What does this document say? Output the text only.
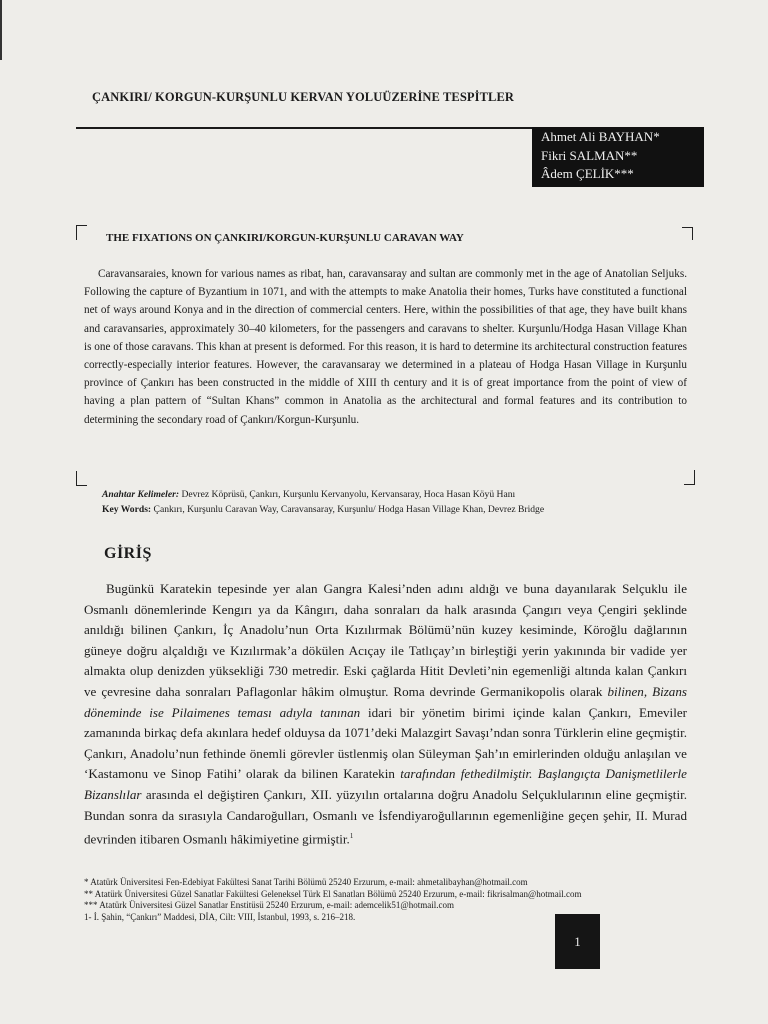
ÇANKIRI/ KORGUN-KURŞUNLU KERVAN YOLUÜZERİNE TESPİTLER
Ahmet Ali BAYHAN*
Fikri SALMAN**
Âdem ÇELİK***
THE FIXATIONS ON ÇANKIRI/KORGUN-KURŞUNLU CARAVAN WAY

Caravansaraies, known for various names as ribat, han, caravansaray and sultan are commonly met in the age of Anatolian Seljuks. Following the capture of Byzantium in 1071, and with the attempts to make Anatolia their homes, Turks have constituted a functional net of ways around Konya and in the direction of commercial centers. Here, within the possibilities of that age, they have built khans and caravansaries, approximately 30–40 kilometers, for the passengers and caravans to shelter. Kurşunlu/Hodga Hasan Village Khan is one of those caravans. This khan at present is deformed. For this reason, it is hard to determine its architectural construction features correctly-especially interior features. However, the caravansaray we determined in a plateau of Hodga Hasan Village in Kurşunlu province of Çankırı has been constructed in the middle of XIII th century and it is of great importance from the point of view of having a plan pattern of “Sultan Khans” common in Anatolia as the architectural and formal features and its contribution to determining the secondary road of Çankırı/Korgun-Kurşunlu.

Anahtar Kelimeler: Devrez Köprüsü, Çankırı, Kurşunlu Kervanyolu, Kervansaray, Hoca Hasan Köyü Hanı

Key Words: Çankırı, Kurşunlu Caravan Way, Caravansaray, Kurşunlu/ Hodga Hasan Village Khan, Devrez Bridge

GİRİŞ

Bugünkü Karatekin tepesinde yer alan Gangra Kalesi’nden adını aldığı ve buna dayanılarak Selçuklu ile Osmanlı dönemlerinde Kengırı ya da Kângırı, daha sonraları da halk arasında Çangırı veya Çengiri şeklinde anıldığı bilinen Çankırı, İç Anadolu’nun Orta Kızılırmak Bölümü’nün kuzey kesiminde, Köroğlu dağlarının güneye doğru alçaldığı ve Kızılırmak’a dökülen Acıçay ile Tatlıçay’ın birleştiği yerin yakınında bir vadide yer almakta olup denizden yüksekliği 730 metredir. Eski çağlarda Hitit Devleti’nin egemenliği altında kalan Çankırı ve çevresine daha sonraları Paflagonlar hâkim olmuştur. Roma devrinde Germanikopolis olarak bilinen, Bizans döneminde ise Pilaimenes teması adıyla tanınan idari bir yönetim birimi içinde kalan Çankırı, Emeviler zamanında birkaç defa akınlara hedef olduysa da 1071’deki Malazgirt Savaşı’ndan sonra Türklerin eline geçmiştir. Çankırı, Anadolu’nun fethinde önemli görevler üstlenmiş olan Süleyman Şah’ın emirlerinden olduğu anlaşılan ve ‘Kastamonu ve Sinop Fatihi’ olarak da bilinen Karatekin tarafından fethedilmiştir. Başlangıçta Danişmetlilerle Bizanslılar arasında el değiştiren Çankırı, XII. yüzyılın ortalarına doğru Anadolu Selçuklularının eline geçmiştir. Bundan sonra da sırasıyla Candaroğulları, Osmanlı ve İsfendiyaroğullarının egemenliğine geçen şehir, II. Murad devrinden itibaren Osmanlı hâkimiyetine girmiştir.$^1$

* Atatürk Üniversitesi Fen-Edebiyat Fakültesi Sanat Tarihi Bölümü 25240 Erzurum, e-mail: ahmetalibayhan@hotmail.com

** Atatürk Üniversitesi Güzel Sanatlar Fakültesi Geleneksel Türk El Sanatları Bölümü 25240 Erzurum, e-mail: fikrisalman@hotmail.com

*** Atatürk Üniversitesi Güzel Sanatlar Enstitüsü 25240 Erzurum, e-mail: ademcelik51@hotmail.com

1- İ. Şahin, “Çankırı” Maddesi, DİA, Cilt: VIII, İstanbul, 1993, s. 216–218.

1
